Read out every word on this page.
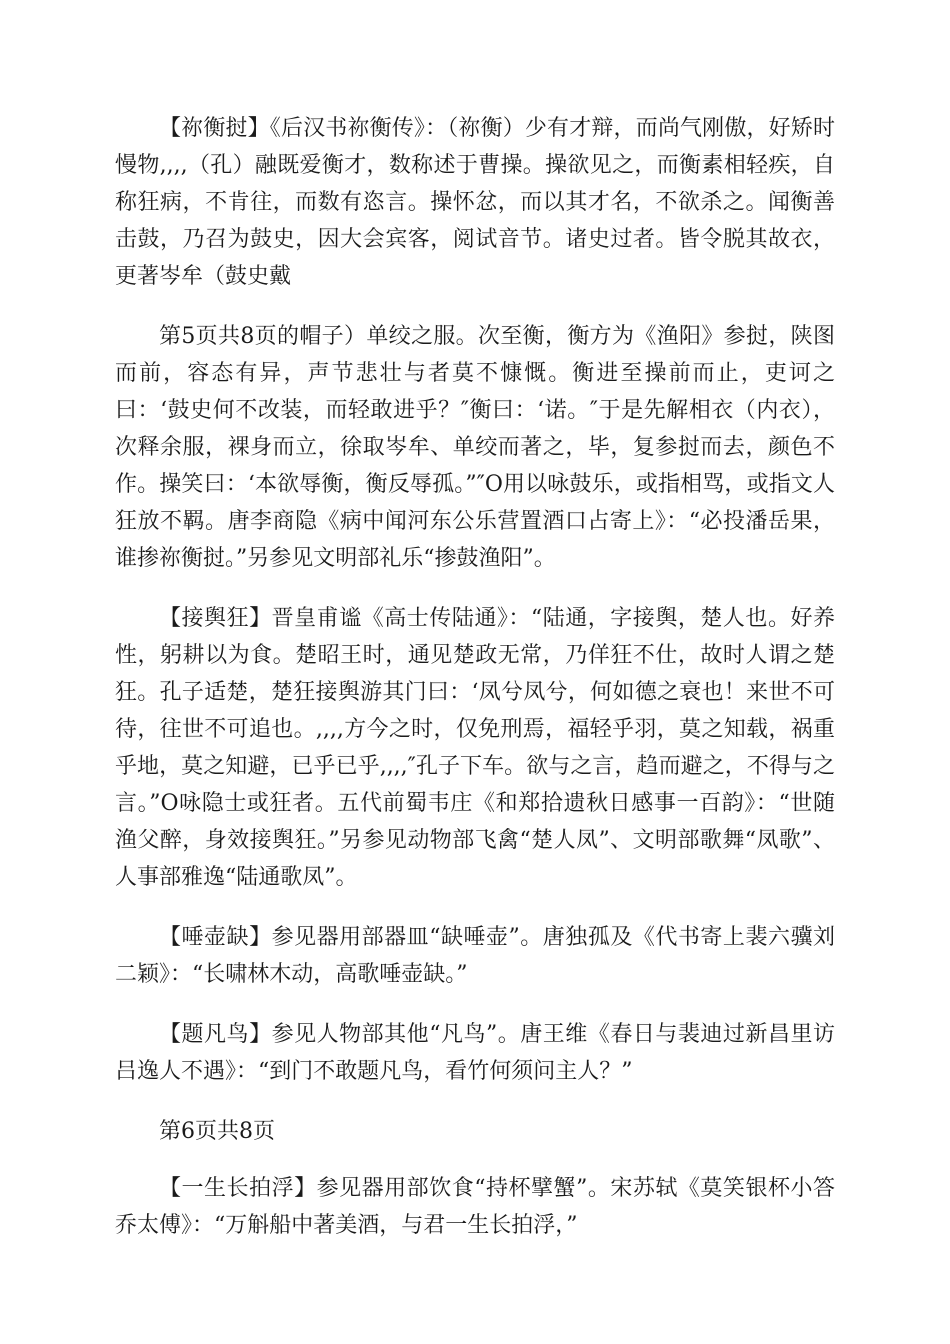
【祢衡挝】《后汉书祢衡传》：（祢衡）少有才辩，而尚气刚傲，好矫时慢物,,,,（孔）融既爱衡才，数称述于曹操。操欲见之，而衡素相轻疾，自称狂病，不肯往，而数有恣言。操怀忿，而以其才名，不欲杀之。闻衡善击鼓，乃召为鼓史，因大会宾客，阅试音节。诸史过者。皆令脱其故衣，更著岑牟（鼓史戴

第5页共8页的帽子）单绞之服。次至衡，衡方为《渔阳》参挝，陕图而前，容态有异，声节悲壮与者莫不慷慨。衡进至操前而止，吏诃之曰：‘鼓史何不改装，而轻敢进乎？″衡曰：‘诺。″于是先解相衣（内衣），次释余服，裸身而立，徐取岑牟、单绞而著之，毕，复参挝而去，颜色不作。操笑曰：‘本欲辱衡，衡反辱孤。”″O用以咏鼓乐，或指相骂，或指文人狂放不羁。唐李商隐《病中闻河东公乐营置酒口占寄上》：“必投潘岳果，谁掺祢衡挝。”另参见文明部礼乐“掺鼓渔阳”。

【接舆狂】晋皇甫谧《高士传陆通》：“陆通，字接舆，楚人也。好养性，躬耕以为食。楚昭王时，通见楚政无常，乃佯狂不仕，故时人谓之楚狂。孔子适楚，楚狂接舆游其门曰：‘凤兮凤兮，何如德之衰也！来世不可待，往世不可追也。,,,,方今之时，仅免刑焉，福轻乎羽，莫之知载，祸重乎地，莫之知避，已乎已乎,,,,″孔子下车。欲与之言，趋而避之，不得与之言。”O咏隐士或狂者。五代前蜀韦庄《和郑拾遗秋日感事一百韵》：“世随渔父醉，身效接舆狂。”另参见动物部飞禽“楚人凤”、文明部歌舞“凤歌”、人事部雅逸“陆通歌凤”。

【唾壶缺】参见器用部器皿“缺唾壶”。唐独孤及《代书寄上裴六骥刘二颖》：“长啸林木动，高歌唾壶缺。”

【题凡鸟】参见人物部其他“凡鸟”。唐王维《春日与裴迪过新昌里访吕逸人不遇》：“到门不敢题凡鸟，看竹何须问主人？”

第6页共8页

【一生长拍浮】参见器用部饮食“持杯擘蟹”。宋苏轼《莫笑银杯小答乔太傅》：“万斛船中著美酒，与君一生长拍浮，”
